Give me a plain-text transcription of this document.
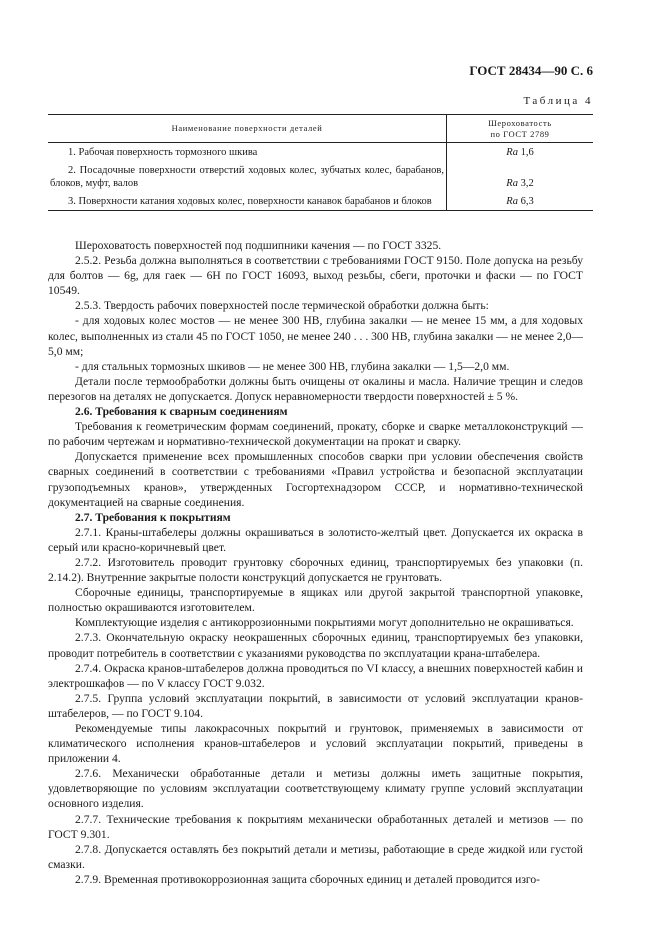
ГОСТ 28434—90 С. 6
Таблица 4
Наименование поверхности деталей	Шероховатость
по ГОСТ 2789
1. Рабочая поверхность тормозного шкива	Ra 1,6
2. Посадочные поверхности отверстий ходовых колес, зубчатых колес, барабанов, блоков, муфт, валов	Ra 3,2
3. Поверхности катания ходовых колес, поверхности канавок барабанов и блоков	Ra 6,3

Шероховатость поверхностей под подшипники качения — по ГОСТ 3325.

2.5.2. Резьба должна выполняться в соответствии с требованиями ГОСТ 9150. Поле допуска на резьбу для болтов — 6g, для гаек — 6Н по ГОСТ 16093, выход резьбы, сбеги, проточки и фаски — по ГОСТ 10549.

2.5.3. Твердость рабочих поверхностей после термической обработки должна быть:

- для ходовых колес мостов — не менее 300 НВ, глубина закалки — не менее 15 мм, а для ходовых колес, выполненных из стали 45 по ГОСТ 1050, не менее 240 . . . 300 НВ, глубина закалки — не менее 2,0—5,0 мм;

- для стальных тормозных шкивов — не менее 300 НВ, глубина закалки — 1,5—2,0 мм.

Детали после термообработки должны быть очищены от окалины и масла. Наличие трещин и следов перезогов на деталях не допускается. Допуск неравномерности твердости поверхностей ± 5 %.

2.6. Требования к сварным соединениям

Требования к геометрическим формам соединений, прокату, сборке и сварке металлоконструкций — по рабочим чертежам и нормативно-технической документации на прокат и сварку.

Допускается применение всех промышленных способов сварки при условии обеспечения свойств сварных соединений в соответствии с требованиями «Правил устройства и безопасной эксплуатации грузоподъемных кранов», утвержденных Госгортехнадзором СССР, и нормативно-технической документацией на сварные соединения.

2.7. Требования к покрытиям

2.7.1. Краны-штабелеры должны окрашиваться в золотисто-желтый цвет. Допускается их окраска в серый или красно-коричневый цвет.

2.7.2. Изготовитель проводит грунтовку сборочных единиц, транспортируемых без упаковки (п. 2.14.2). Внутренние закрытые полости конструкций допускается не грунтовать.

Сборочные единицы, транспортируемые в ящиках или другой закрытой транспортной упаковке, полностью окрашиваются изготовителем.

Комплектующие изделия с антикоррозионными покрытиями могут дополнительно не окрашиваться.

2.7.3. Окончательную окраску неокрашенных сборочных единиц, транспортируемых без упаковки, проводит потребитель в соответствии с указаниями руководства по эксплуатации крана-штабелера.

2.7.4. Окраска кранов-штабелеров должна проводиться по VI классу, а внешних поверхностей кабин и электрошкафов — по V классу ГОСТ 9.032.

2.7.5. Группа условий эксплуатации покрытий, в зависимости от условий эксплуатации кранов-штабелеров, — по ГОСТ 9.104.

Рекомендуемые типы лакокрасочных покрытий и грунтовок, применяемых в зависимости от климатического исполнения кранов-штабелеров и условий эксплуатации покрытий, приведены в приложении 4.

2.7.6. Механически обработанные детали и метизы должны иметь защитные покрытия, удовлетворяющие по условиям эксплуатации соответствующему климату группе условий эксплуатации основного изделия.

2.7.7. Технические требования к покрытиям механически обработанных деталей и метизов — по ГОСТ 9.301.

2.7.8. Допускается оставлять без покрытий детали и метизы, работающие в среде жидкой или густой смазки.

2.7.9. Временная противокоррозионная защита сборочных единиц и деталей проводится изго-
